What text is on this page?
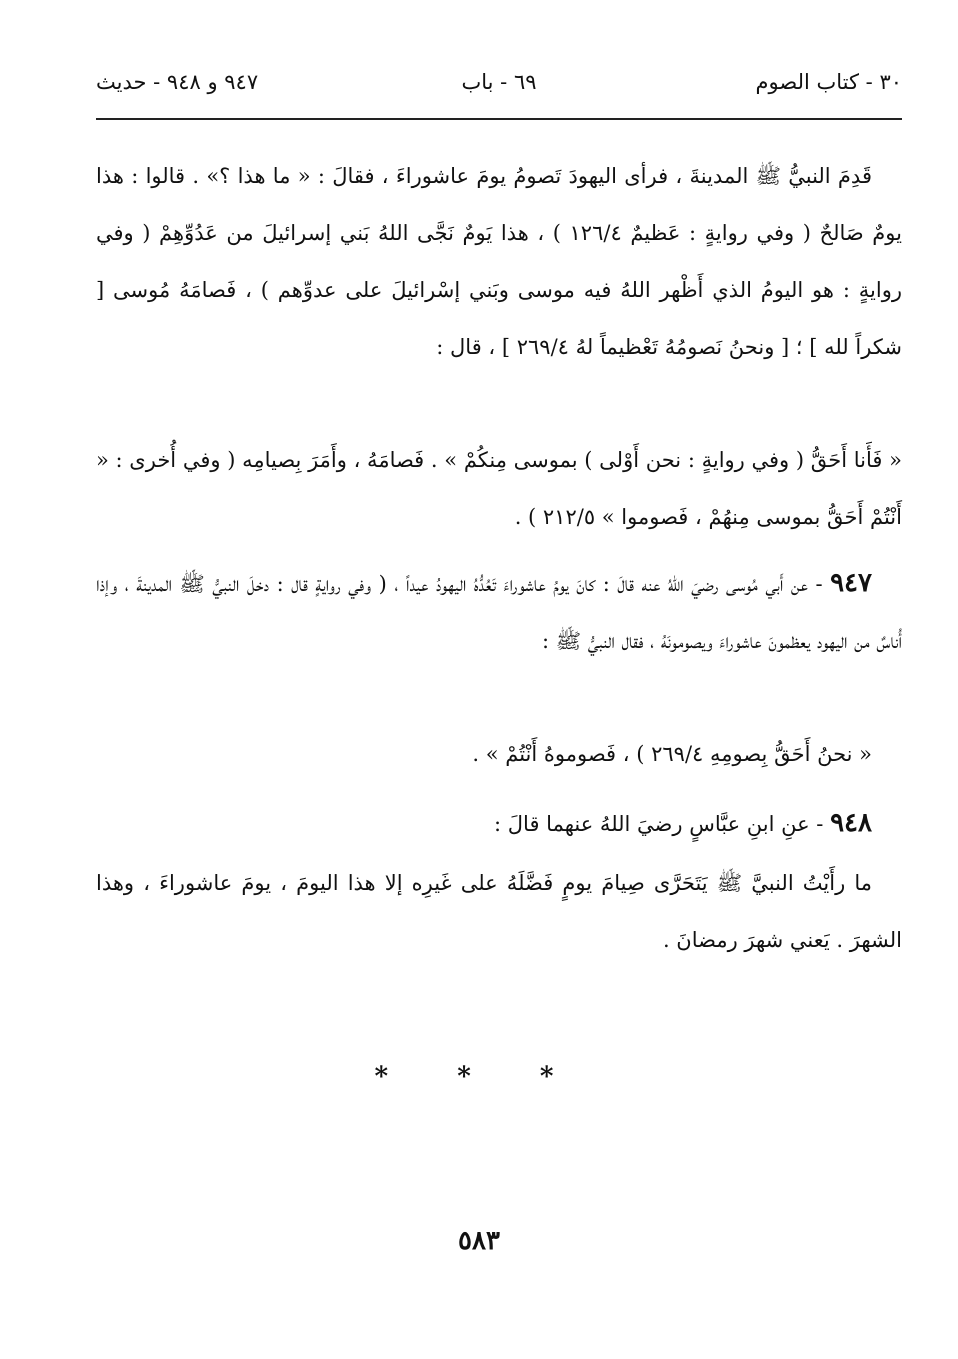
٣٠ - كتاب الصوم
٦٩ - باب
٩٤٧ و ٩٤٨ - حديث

قَدِمَ النبيُّ ﷺ المدينةَ ، فرأى اليهودَ تَصومُ يومَ عاشوراءَ ، فقالَ : « ما هذا ؟» . قالوا : هذا يومٌ صَالحٌ ( وفي روايةٍ : عَظيمٌ ١٢٦/٤ ) ، هذا يَومٌ نَجَّى اللهُ بَني إسرائيلَ من عَدُوِّهِمْ ( وفي روايةٍ : هو اليومُ الذي أَظْهر اللهُ فيه موسى وبَني إسْرائيلَ على عدوِّهم ) ، فَصامَهُ مُوسى [ شكراً لله ] ؛ [ ونحنُ نَصومُهُ تَعْظيماً لهُ ٢٦٩/٤ ] ، قال :

« فَأَنا أَحَقُّ ( وفي روايةٍ : نحن أَوْلى ) بموسى مِنكُمْ » . فَصامَهُ ، وأَمَرَ بِصيامِه ( وفي أُخرى : « أَنْتُمْ أَحَقُّ بموسى مِنهُمْ ، فَصوموا » ٢١٢/٥ ) .

٩٤٧ - عن أَبي مُوسى رضيَ اللهُ عنه قالَ : كانَ يومُ عاشوراءَ تَعُدُّهُ اليهودُ عيداً ، ( وفي روايةٍ قال : دخلَ النبيُّ ﷺ المدينةَ ، وإذا أُناسٌ من اليهود يعظمونَ عاشوراءَ ويصومونَهُ ، فقال النبيُّ ﷺ :

« نحنُ أَحَقُّ بِصومِهِ ٢٦٩/٤ ) ، فَصوموهُ أَنْتُمْ » .

٩٤٨ - عنِ ابنِ عبَّاسٍ رضيَ اللهُ عنهما قالَ :

ما رأَيْتُ النبيَّ ﷺ يَتَحَرَّى صِيامَ يومٍ فَضَّلَهُ على غَيرِه إلا هذا اليومَ ، يومَ عاشوراءَ ، وهذا الشهرَ . يَعني شهرَ رمضانَ .

* * *
٥٨٣
